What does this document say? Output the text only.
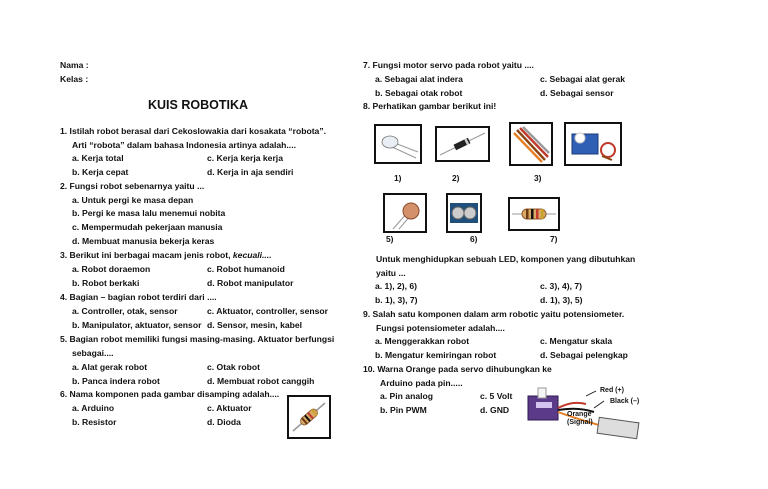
Nama :
Kelas :
KUIS ROBOTIKA
1. Istilah robot berasal dari Cekoslowakia dari kosakata “robota”.
Arti “robota” dalam bahasa Indonesia artinya adalah....
a. Kerja total	c. Kerja kerja kerja
b. Kerja cepat	d. Kerja in aja sendiri
2. Fungsi robot sebenarnya yaitu ...
a. Untuk pergi ke masa depan
b. Pergi ke masa lalu menemui nobita
c. Mempermudah pekerjaan manusia
d. Membuat manusia bekerja keras
3. Berikut ini berbagai macam jenis robot, kecuali....
a. Robot doraemon	c. Robot humanoid
b. Robot berkaki	d. Robot manipulator
4. Bagian – bagian robot terdiri dari ....
a. Controller, otak, sensor	c. Aktuator, controller, sensor
b. Manipulator, aktuator, sensor d. Sensor, mesin, kabel
5. Bagian robot memiliki fungsi masing-masing. Aktuator berfungsi
sebagai....
a. Alat gerak robot	c. Otak robot
b. Panca indera robot	d. Membuat robot canggih
6. Nama komponen pada gambar disamping adalah....
a. Arduino	c. Aktuator
b. Resistor	d. Dioda
7. Fungsi motor servo pada robot yaitu ....
a. Sebagai alat indera	c. Sebagai alat gerak
b. Sebagai otak robot	d. Sebagai sensor
8. Perhatikan gambar berikut ini!
1)	2)	3)
5)	6)	7)
Untuk menghidupkan sebuah LED, komponen yang dibutuhkan
yaitu ...
a. 1), 2), 6)	c. 3), 4), 7)
b. 1), 3), 7)	d. 1), 3), 5)
9. Salah satu komponen dalam arm robotic yaitu potensiometer.
Fungsi potensiometer adalah....
a. Menggerakkan robot	c. Mengatur skala
b. Mengatur kemiringan robot	d. Sebagai pelengkap
10. Warna Orange pada servo dihubungkan ke
Arduino pada pin.....
a. Pin analog	c. 5 Volt
b. Pin PWM	d. GND
Red (+)
Black (–)
Orange
(Signal)
